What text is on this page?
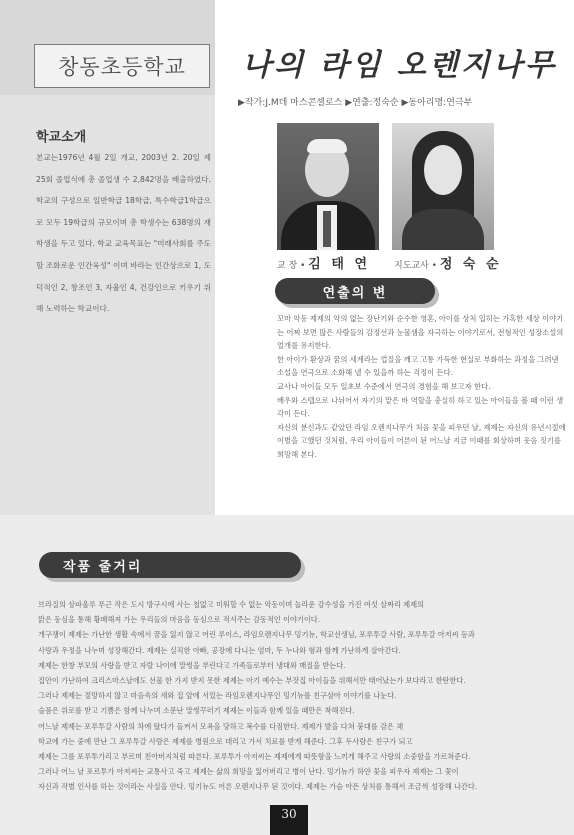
창동초등학교 나의 라임 오렌지나무
▶작가:J.M데 마스콘셀로스 ▶연출:정숙순 ▶동아리명:연극부
학교소개
본교는1976년 4월 2일 개교, 2003년 2. 20일 제 25회 졸업식에 총 졸업생 수 2,842명을 배출하였다. 학교의 구성으로 일반학급 18학급, 특수학급1학급으로 모두 19학급의 규모이며 총 학생수는 638명의 재학생을 두고 있다. 학교 교육목표는 "미래사회를 주도할 조화로운 인간육성" 이며 바라는 인간상으로 1, 도덕적인 2, 창조인 3, 자율인 4, 건강인으로 키우기 위해 노력하는 학교이다.
교 장 • 김 태 연	지도교사 • 정 숙 순
연출의 변

꼬마 악동 제제의 악의 없는 장난기와 순수한 영혼, 아이를 상처 입히는 가혹한 세상 이야기는 어찌 보면 많은 사람들의 감정선과 눈물샘을 자극하는 이야기로서, 전형적인 성장소설의 얼개를 유지한다.

한 아이가 환상과 꿈의 세계라는 껍질을 깨고 고통 가득한 현실로 부화하는 과정을 그려낸 소설을 연극으로 소화해 낼 수 있을까 하는 걱정이 든다.

교사나 아이들 모두 일초보 수준에서 연극의 경험을 해 보고자 한다.

배우와 스텝으로 나뉘어서 자기의 맡은 바 역할을 충실히 하고 있는 아이들을 볼 때 이런 생각이 든다.

자신의 분신과도 같았던 라임 오렌지나무가 처음 꽃을 피우던 날, 제제는 자신의 유년시절에 이별을 고했던 것처럼, 우리 아이들이 어른이 된 어느날 지금 이때를 회상하며 웃음 짓기를 희망해 본다.

작품 줄거리

브라질의 상파울루 푸근 작은 도시 방구시에 사는 철없고 미워할 수 없는 악동이며 놀라운 감수성을 가진 여섯 살짜리 제제의

맑은 동심을 통해 황폐해져 가는 우리들의 마음을 동심으로 적셔주는 감동적인 이야기이다.

개구쟁이 제제는 가난한 생활 속에서 꿈을 잃지 않고 어린 루이스, 라임오렌지나무 밍기뉴, 학교선생님, 포루투갈 사람, 포루투갈 아저씨 등과

사랑과 우정을 나누며 성장해간다. 제제는 실직한 아빠, 공장에 다니는 엄마, 두 누나와 형과 함께 가난하게 살아간다.

제제는 한창 부모의 사랑을 받고 자랄 나이에 말썽을 부린다고 가족들로부터 냉대와 매질을 받는다.

집안이 가난하여 크리스마스날에도 선물 한 가지 받지 못한 제제는 아기 예수는 부잣집 아이들을 위해서만 태어났는가 보다라고 한탄한다.

그러나 제제는 절망하지 않고 마음속의 새와 집 앞에 서있는 라임오렌지나무인 밍기뉴를 친구삼아 이야기를 나눈다.

슬픔은 위로를 받고 기쁨은 함께 나누며 소문난 말썽꾸러기 제제는 이들과 함께 있을 때만은 착해진다.

어느날 제제는 포루투갈 사람의 차에 탔다가 들켜서 모욕을 당하고 복수를 다짐한다. 제제가 발을 다쳐 붕대를 감은 채

학교에 가는 중에 만난 그 포루투갈 사람은 제제를 병원으로 데리고 가서 치료를 받게 해준다. 그후 두사람은 친구가 되고

제제는 그를 포루투가리고 부르며 친아버지처럼 따른다. 포루투가 아저씨는 제제에게 따뜻함을 느끼게 해주고 사랑의 소중함을 가르쳐준다.

그러나 어느 날 포르투가 아저씨는 교통사고 죽고 제제는 삶의 희망을 잃어버리고 병이 난다. 밍기뉴가 하얀 꽃을 피우자 제제는 그 꽃이

자신과 작별 인사를 하는 것이라는 사실을 안다. 밍기뉴도 어른 오렌지나무 된 것이다. 제제는 가슴 아픈 상처를 통해서 조금씩 성장해 나간다.

30
